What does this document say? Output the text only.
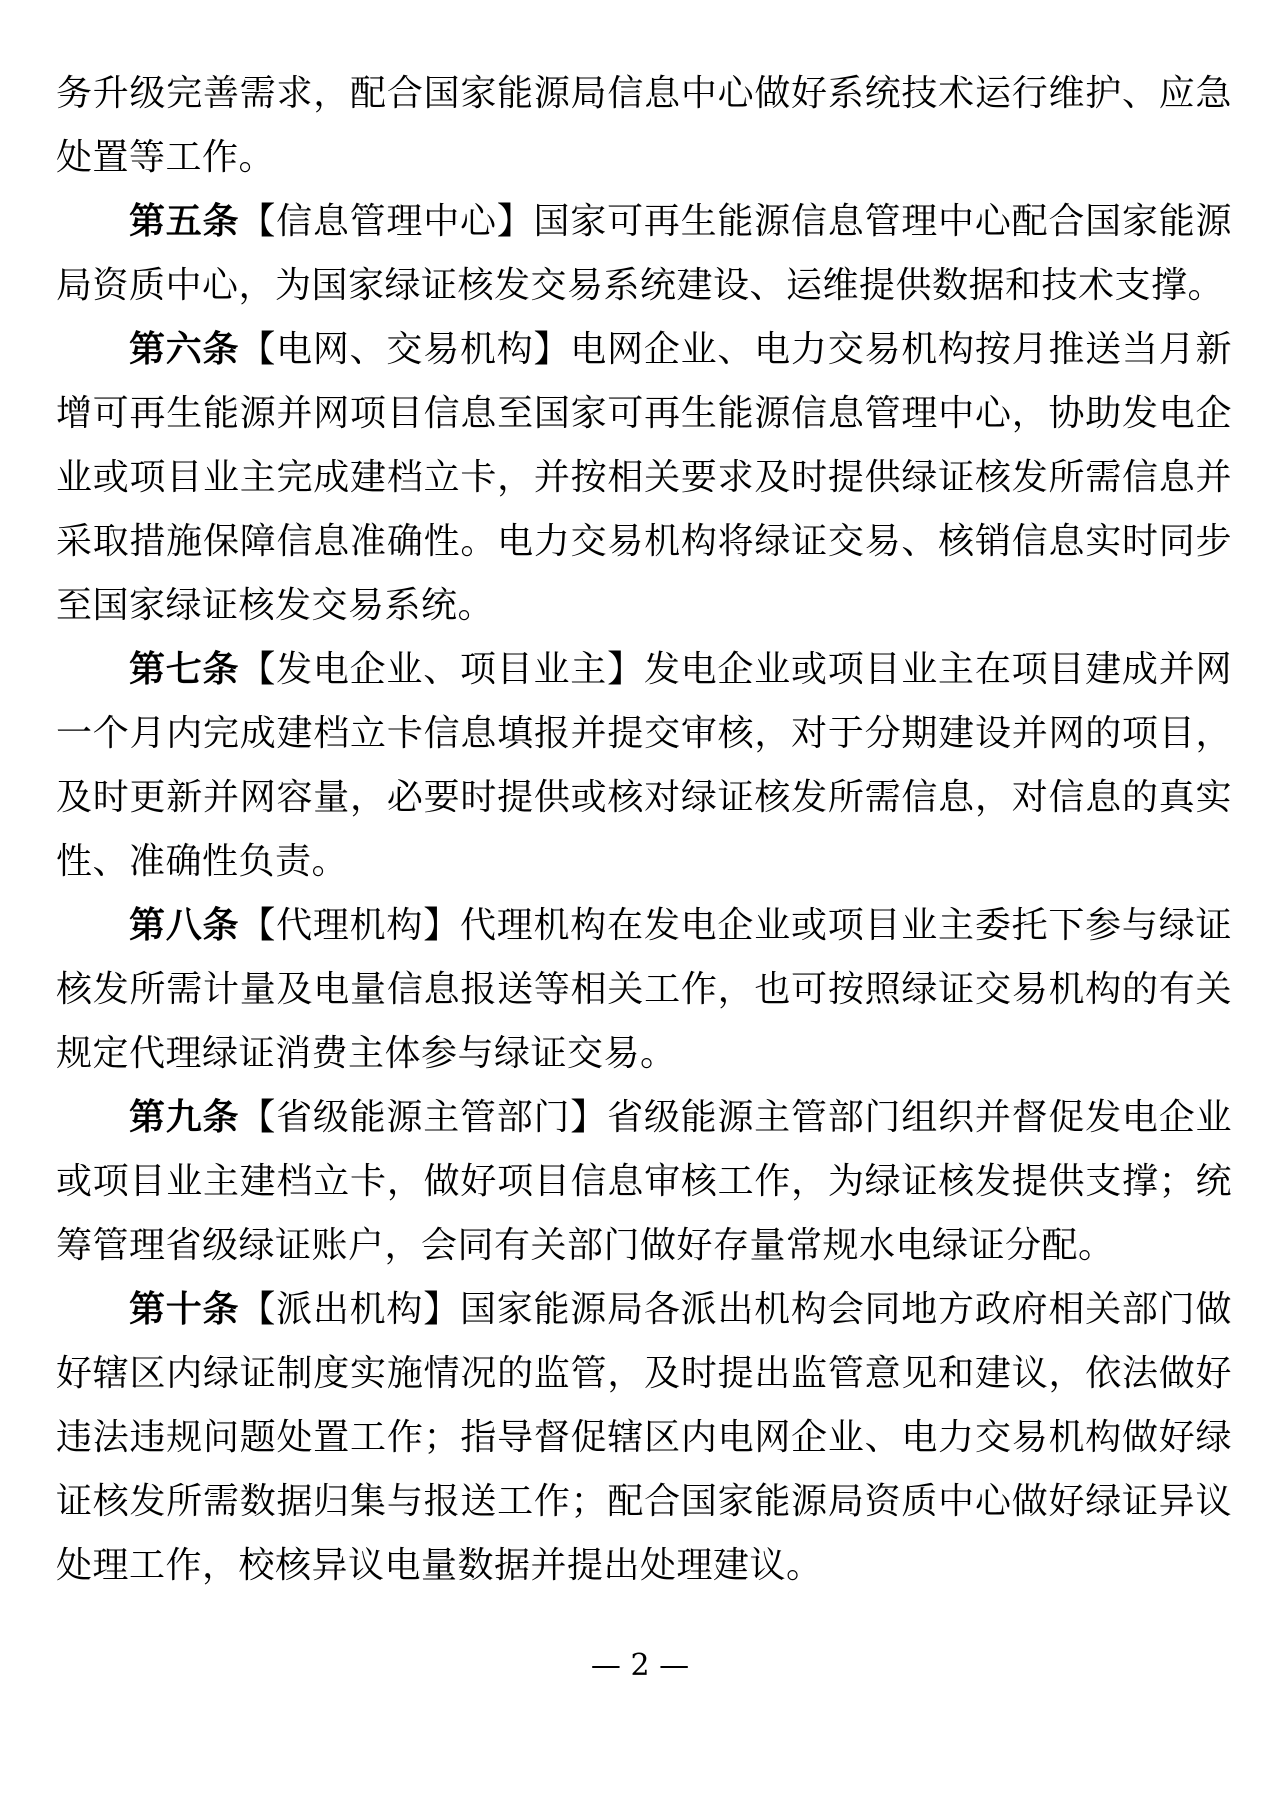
务升级完善需求，配合国家能源局信息中心做好系统技术运行维护、应急处置等工作。

第五条【信息管理中心】国家可再生能源信息管理中心配合国家能源局资质中心，为国家绿证核发交易系统建设、运维提供数据和技术支撑。

第六条【电网、交易机构】电网企业、电力交易机构按月推送当月新增可再生能源并网项目信息至国家可再生能源信息管理中心，协助发电企业或项目业主完成建档立卡，并按相关要求及时提供绿证核发所需信息并采取措施保障信息准确性。电力交易机构将绿证交易、核销信息实时同步至国家绿证核发交易系统。

第七条【发电企业、项目业主】发电企业或项目业主在项目建成并网一个月内完成建档立卡信息填报并提交审核，对于分期建设并网的项目，及时更新并网容量，必要时提供或核对绿证核发所需信息，对信息的真实性、准确性负责。

第八条【代理机构】代理机构在发电企业或项目业主委托下参与绿证核发所需计量及电量信息报送等相关工作，也可按照绿证交易机构的有关规定代理绿证消费主体参与绿证交易。

第九条【省级能源主管部门】省级能源主管部门组织并督促发电企业或项目业主建档立卡，做好项目信息审核工作，为绿证核发提供支撑；统筹管理省级绿证账户，会同有关部门做好存量常规水电绿证分配。

第十条【派出机构】国家能源局各派出机构会同地方政府相关部门做好辖区内绿证制度实施情况的监管，及时提出监管意见和建议，依法做好违法违规问题处置工作；指导督促辖区内电网企业、电力交易机构做好绿证核发所需数据归集与报送工作；配合国家能源局资质中心做好绿证异议处理工作，校核异议电量数据并提出处理建议。

— 2 —
